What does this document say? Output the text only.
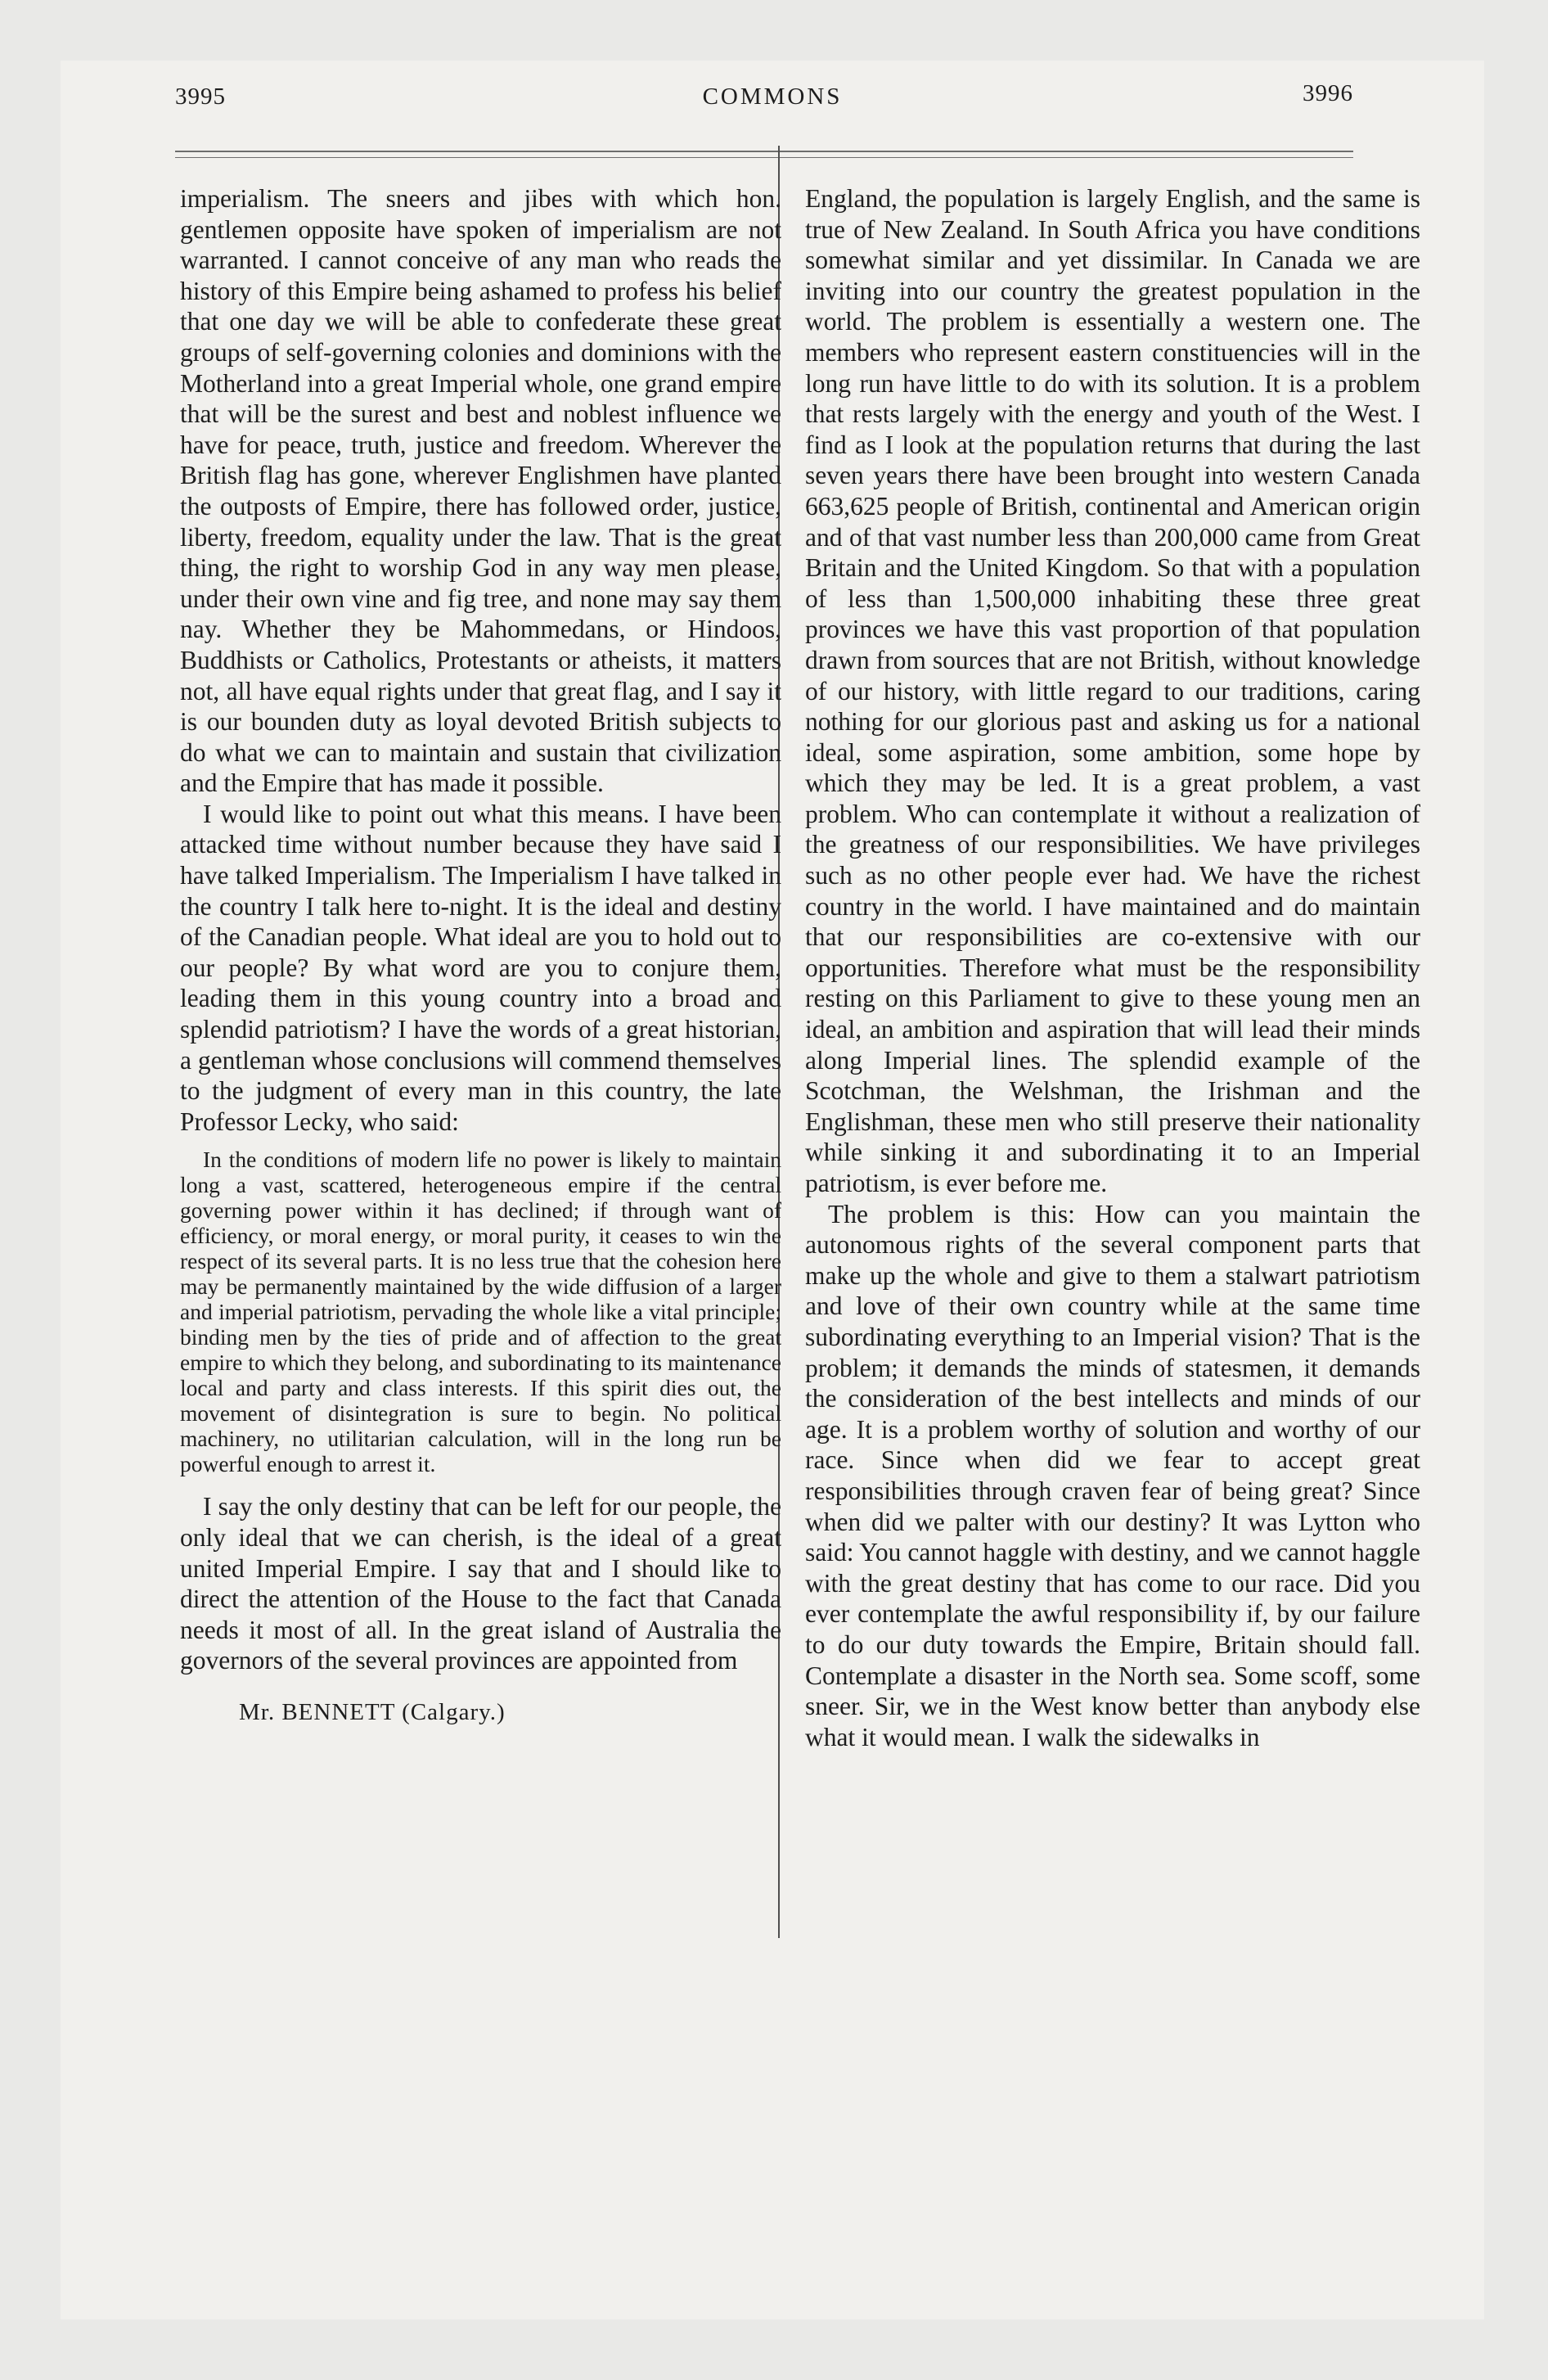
3995	COMMONS	3996

imperialism. The sneers and jibes with which hon. gentlemen opposite have spoken of imperialism are not warranted. I cannot conceive of any man who reads the history of this Empire being ashamed to profess his belief that one day we will be able to confederate these great groups of self-governing colonies and dominions with the Motherland into a great Imperial whole, one grand empire that will be the surest and best and noblest influence we have for peace, truth, justice and freedom. Wherever the British flag has gone, wherever Englishmen have planted the outposts of Empire, there has followed order, justice, liberty, freedom, equality under the law. That is the great thing, the right to worship God in any way men please, under their own vine and fig tree, and none may say them nay. Whether they be Mahommedans, or Hindoos, Buddhists or Catholics, Protestants or atheists, it matters not, all have equal rights under that great flag, and I say it is our bounden duty as loyal devoted British subjects to do what we can to maintain and sustain that civilization and the Empire that has made it possible.

I would like to point out what this means. I have been attacked time without number because they have said I have talked Imperialism. The Imperialism I have talked in the country I talk here to-night. It is the ideal and destiny of the Canadian people. What ideal are you to hold out to our people? By what word are you to conjure them, leading them in this young country into a broad and splendid patriotism? I have the words of a great historian, a gentleman whose conclusions will commend themselves to the judgment of every man in this country, the late Professor Lecky, who said:

In the conditions of modern life no power is likely to maintain long a vast, scattered, heterogeneous empire if the central governing power within it has declined; if through want of efficiency, or moral energy, or moral purity, it ceases to win the respect of its several parts. It is no less true that the cohesion here may be permanently maintained by the wide diffusion of a larger and imperial patriotism, pervading the whole like a vital principle; binding men by the ties of pride and of affection to the great empire to which they belong, and subordinating to its maintenance local and party and class interests. If this spirit dies out, the movement of disintegration is sure to begin. No political machinery, no utilitarian calculation, will in the long run be powerful enough to arrest it.

I say the only destiny that can be left for our people, the only ideal that we can cherish, is the ideal of a great united Imperial Empire. I say that and I should like to direct the attention of the House to the fact that Canada needs it most of all. In the great island of Australia the governors of the several provinces are appointed from

Mr. BENNETT (Calgary.)

England, the population is largely English, and the same is true of New Zealand. In South Africa you have conditions somewhat similar and yet dissimilar. In Canada we are inviting into our country the greatest population in the world. The problem is essentially a western one. The members who represent eastern constituencies will in the long run have little to do with its solution. It is a problem that rests largely with the energy and youth of the West. I find as I look at the population returns that during the last seven years there have been brought into western Canada 663,625 people of British, continental and American origin and of that vast number less than 200,000 came from Great Britain and the United Kingdom. So that with a population of less than 1,500,000 inhabiting these three great provinces we have this vast proportion of that population drawn from sources that are not British, without knowledge of our history, with little regard to our traditions, caring nothing for our glorious past and asking us for a national ideal, some aspiration, some ambition, some hope by which they may be led. It is a great problem, a vast problem. Who can contemplate it without a realization of the greatness of our responsibilities. We have privileges such as no other people ever had. We have the richest country in the world. I have maintained and do maintain that our responsibilities are co-extensive with our opportunities. Therefore what must be the responsibility resting on this Parliament to give to these young men an ideal, an ambition and aspiration that will lead their minds along Imperial lines. The splendid example of the Scotchman, the Welshman, the Irishman and the Englishman, these men who still preserve their nationality while sinking it and subordinating it to an Imperial patriotism, is ever before me.

The problem is this: How can you maintain the autonomous rights of the several component parts that make up the whole and give to them a stalwart patriotism and love of their own country while at the same time subordinating everything to an Imperial vision? That is the problem; it demands the minds of statesmen, it demands the consideration of the best intellects and minds of our age. It is a problem worthy of solution and worthy of our race. Since when did we fear to accept great responsibilities through craven fear of being great? Since when did we palter with our destiny? It was Lytton who said: You cannot haggle with destiny, and we cannot haggle with the great destiny that has come to our race. Did you ever contemplate the awful responsibility if, by our failure to do our duty towards the Empire, Britain should fall. Contemplate a disaster in the North sea. Some scoff, some sneer. Sir, we in the West know better than anybody else what it would mean. I walk the sidewalks in
